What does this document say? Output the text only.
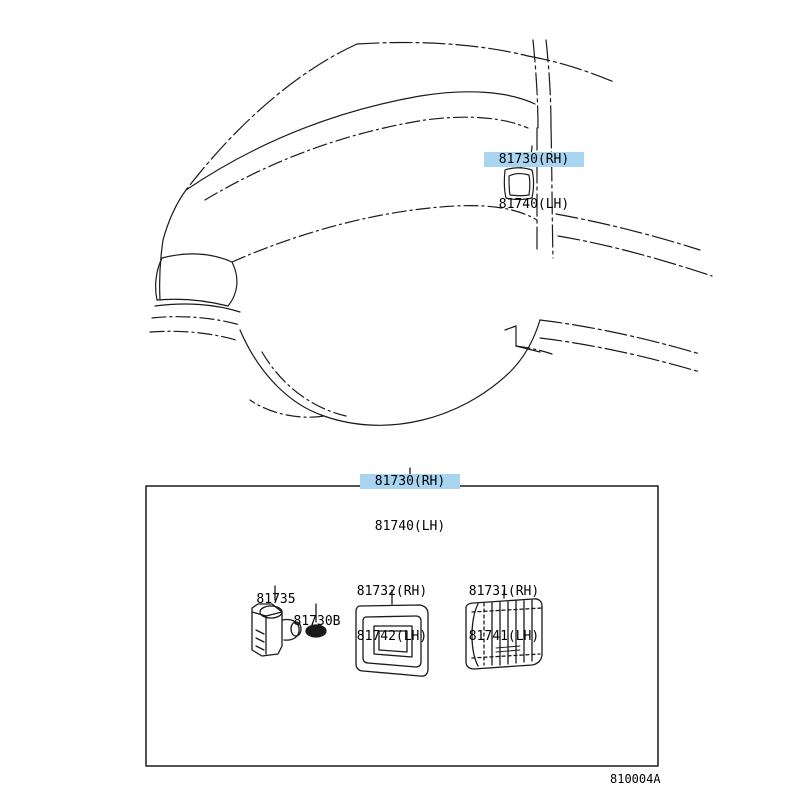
81730(RH)

81740(LH)

81730(RH)

81740(LH)

81735

81730B

81732(RH)

81742(LH)

81731(RH)

81741(LH)

810004A
